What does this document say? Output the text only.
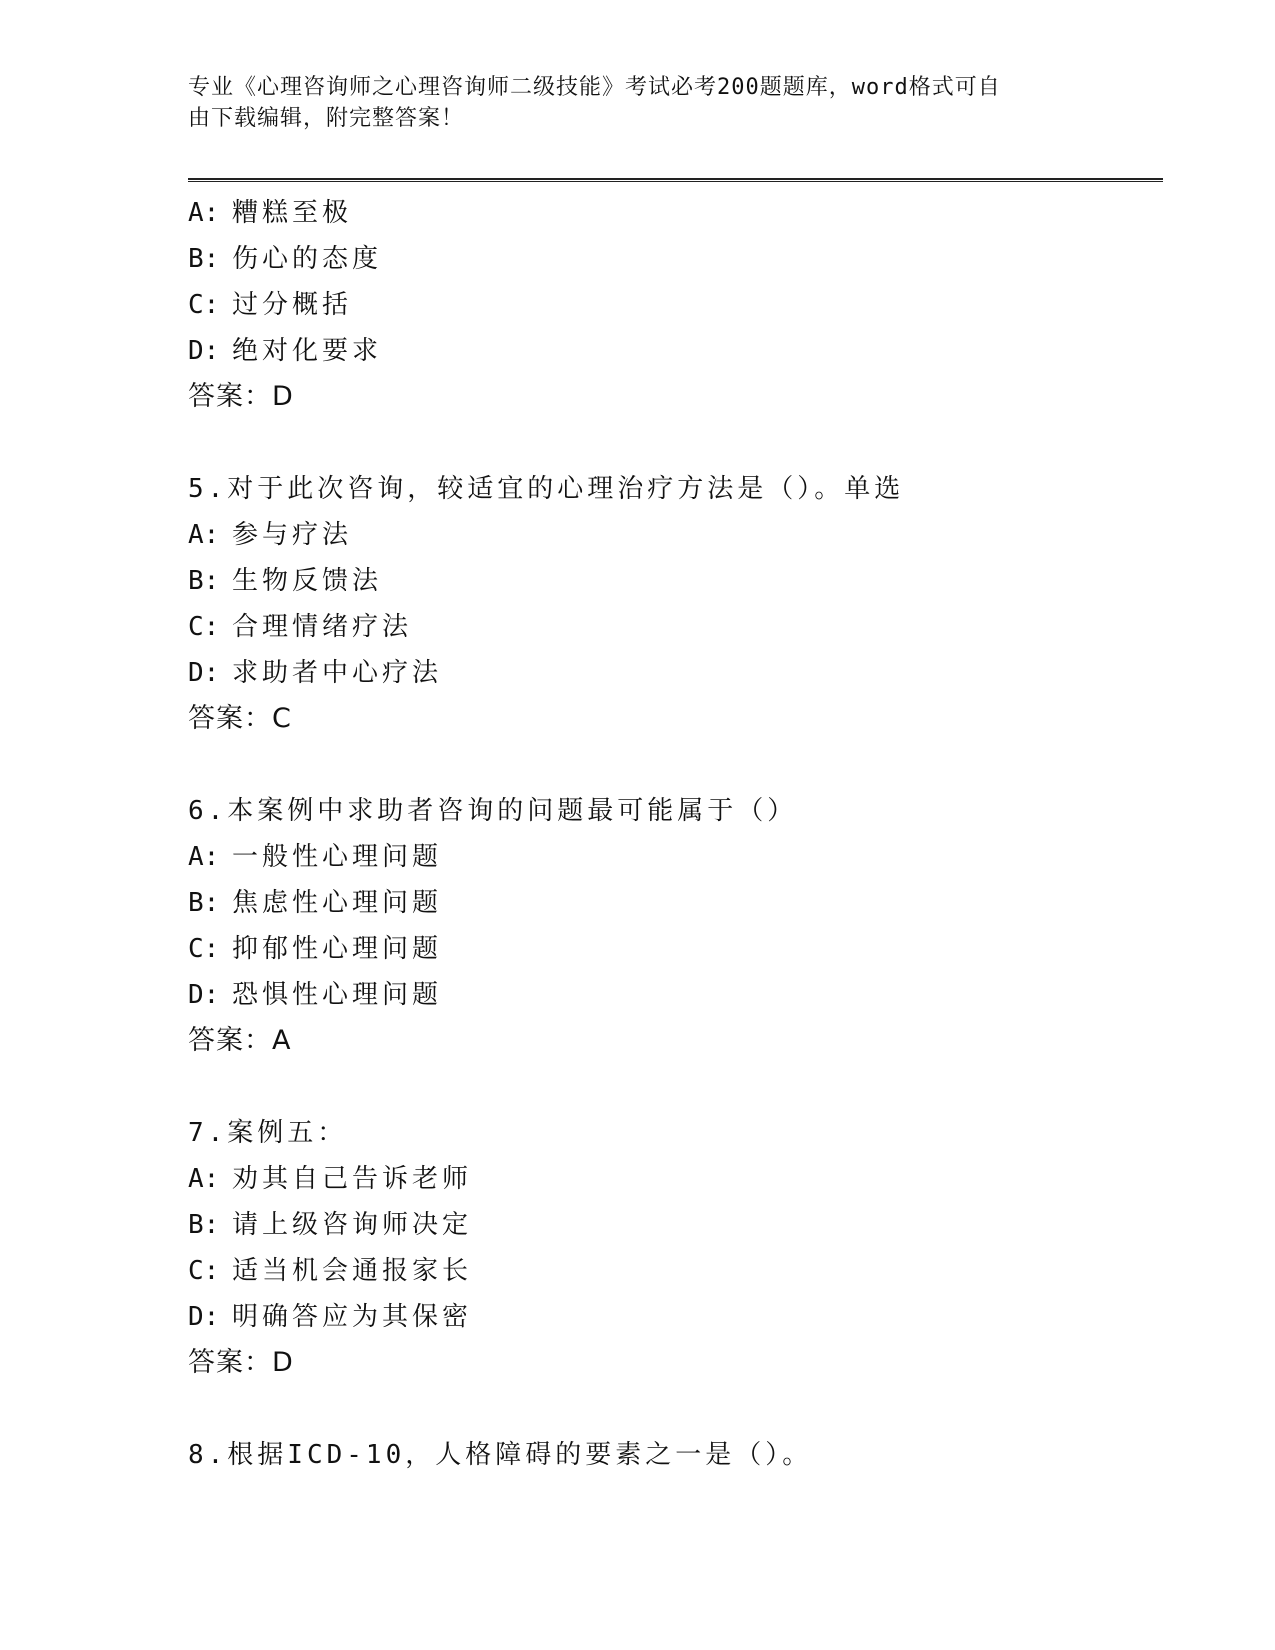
专业《心理咨询师之心理咨询师二级技能》考试必考200题题库，word格式可自
由下载编辑，附完整答案！
A: 糟糕至极
B: 伤心的态度
C: 过分概括
D: 绝对化要求
答案：D
5.对于此次咨询，较适宜的心理治疗方法是（）。单选
A: 参与疗法
B: 生物反馈法
C: 合理情绪疗法
D: 求助者中心疗法
答案：C
6.本案例中求助者咨询的问题最可能属于（）
A: 一般性心理问题
B: 焦虑性心理问题
C: 抑郁性心理问题
D: 恐惧性心理问题
答案：A
7.案例五：
A: 劝其自己告诉老师
B: 请上级咨询师决定
C: 适当机会通报家长
D: 明确答应为其保密
答案：D
8.根据ICD-10，人格障碍的要素之一是（）。
